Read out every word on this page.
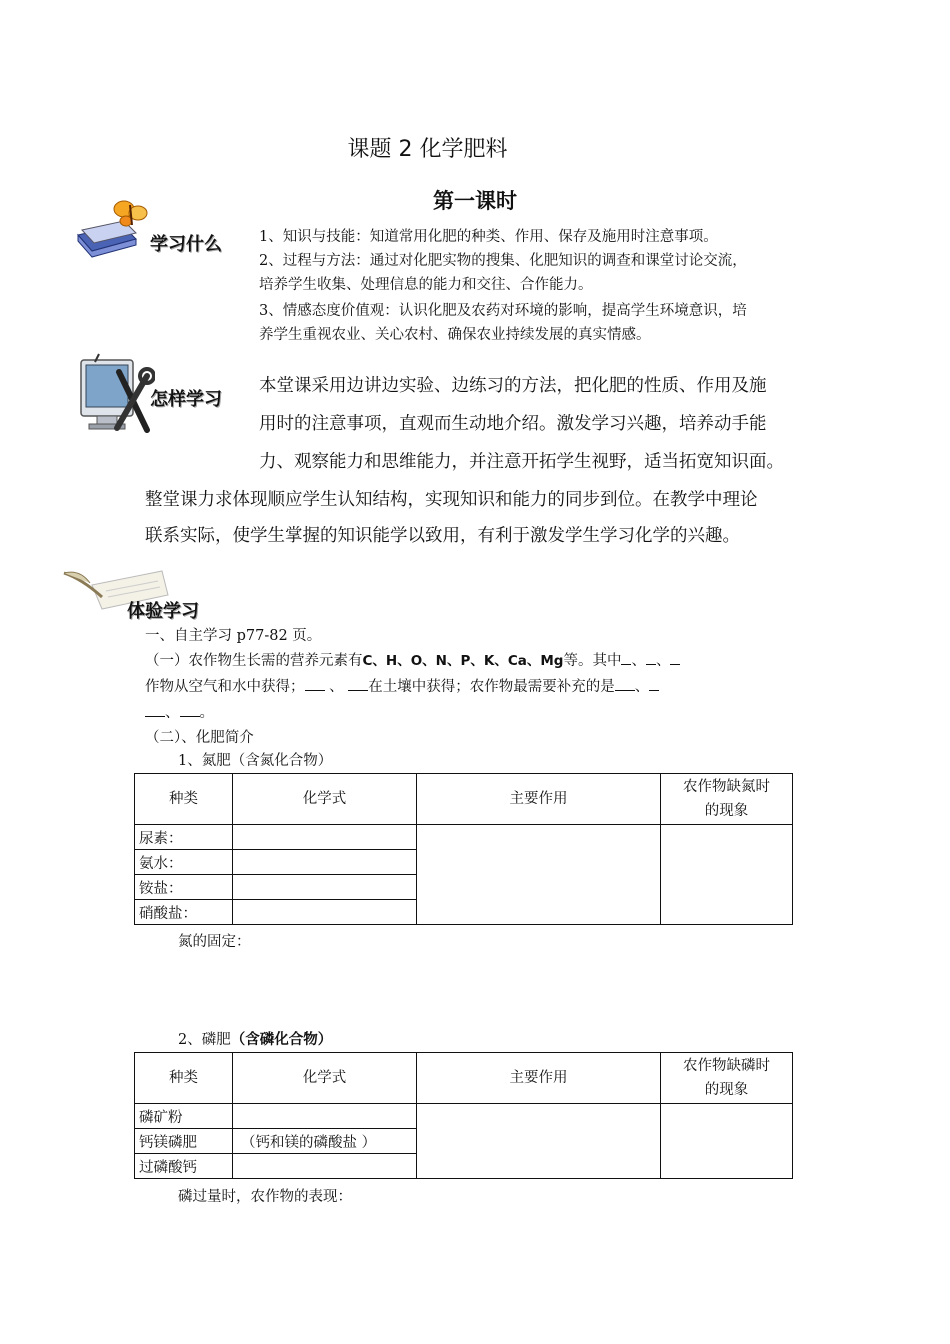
课题 2 化学肥料
第一课时
学习什么	1、知识与技能：知道常用化肥的种类、作用、保存及施用时注意事项。
2、过程与方法：通过对化肥实物的搜集、化肥知识的调查和课堂讨论交流，
培养学生收集、处理信息的能力和交往、合作能力。
3、情感态度价值观：认识化肥及农药对环境的影响，提高学生环境意识，培
养学生重视农业、关心农村、确保农业持续发展的真实情感。
怎样学习
本堂课采用边讲边实验、边练习的方法，把化肥的性质、作用及施
用时的注意事项，直观而生动地介绍。激发学习兴趣，培养动手能
力、观察能力和思维能力，并注意开拓学生视野，适当拓宽知识面。
整堂课力求体现顺应学生认知结构，实现知识和能力的同步到位。在教学中理论
联系实际，使学生掌握的知识能学以致用，有利于激发学生学习化学的兴趣。
体验学习
一、自主学习 p77-82 页。
（一）农作物生长需的营养元素有C、H、O、N、P、K、Ca、Mg等。其中 、 、
作物从空气和水中获得； 、 在土壤中获得；农作物最需要补充的是 、
、 。
（二）、化肥简介
1、氮肥（含氮化合物）
种类	化学式	主要作用	农作物缺氮时
的现象

尿素：			
氨水：			
铵盐：			
硝酸盐：			
氮的固定：
2、磷肥（含磷化合物）
种类	化学式	主要作用	农作物缺磷时
的现象

磷矿粉			
钙镁磷肥	（钙和镁的磷酸盐 ）		
过磷酸钙			
磷过量时，农作物的表现：
